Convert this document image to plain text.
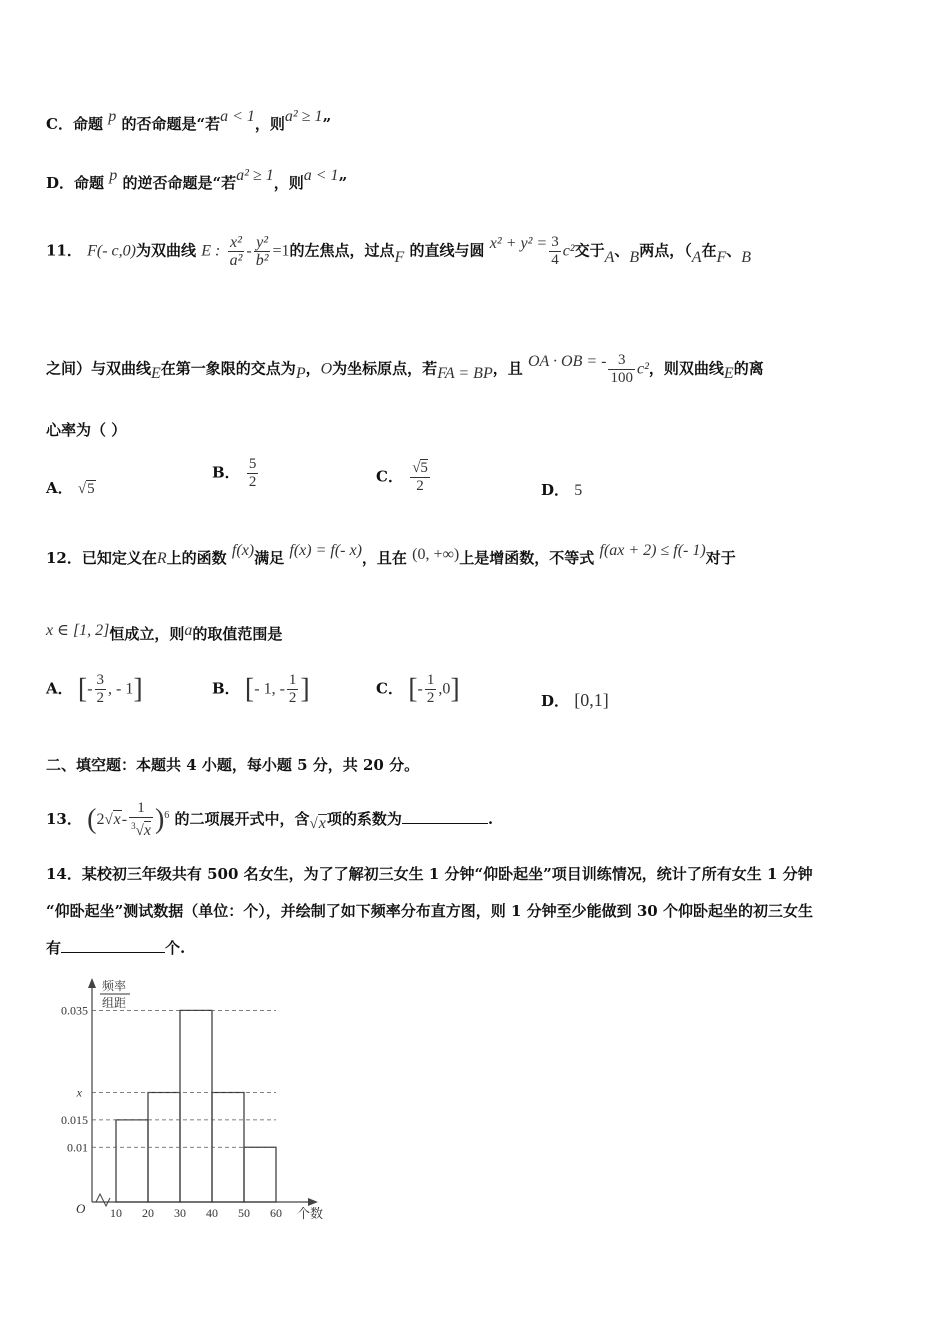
C．命题 p 的否命题是“若a < 1，则a² ≥ 1”
D．命题 p 的逆否命题是“若a² ≥ 1，则a < 1”
11． F(- c,0)为双曲线 E : $\frac{\text{x²}}{\text{a²}} - \frac{\text{y²}}{\text{b²}} =1$的左焦点，过点F 的直线与圆 $x^2 + y^2 = \frac{3}{4} c^2$交于A、B两点，（A在F、B
之间）与双曲线E在第一象限的交点为P，O为坐标原点，若FA = BP，且 OA · OB = - $\frac{3}{100} c^2$，则双曲线E的离
心率为（ ）
A． √5
B． $\frac{5}{2}$	C． $\frac{√5}{2}$	D． 5
12．已知定义在R上的函数 f(x)满足 f(x) = f(- x)，且在 (0, +∞)上是增函数，不等式 f(ax + 2) ≤ f(- 1)对于
x ∈ [1, 2]恒成立，则a的取值范围是
A． [- $\frac{3}{2}$ , - 1]	B． [- 1, - $\frac{1}{2}$ ]	C． [- $\frac{1}{2} ,0$]	D． [0,1]
二、填空题：本题共 4 小题，每小题 5 分，共 20 分。
13． $(2√x- \frac{1}{^3√x} )^6$ 的二项展开式中，含√x项的系数为	.
14．某校初三年级共有 500 名女生，为了了解初三女生 1 分钟“仰卧起坐”项目训练情况，统计了所有女生 1 分钟
“仰卧起坐”测试数据（单位：个），并绘制了如下频率分布直方图，则 1 分钟至少能做到 30 个仰卧起坐的初三女生
有	个.
频率
组距
O	个数
0.035
x
0.015
0.01
10 20 30 40 50 60
